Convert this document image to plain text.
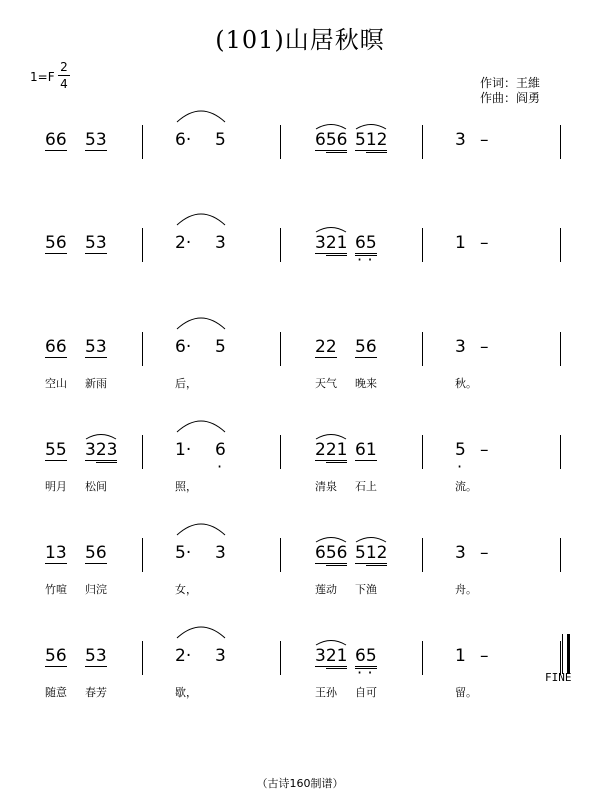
(101)山居秋暝
1=F
2
4	作词：王維
作曲：阎勇
66 53	6· 5	656 512	3 –
56 53	2· 3	321 65	1 –
· ·
66 53	6· 5	22 56	3 –
空山 新雨	后，	天气 晚来	秋。
55 323	1· 6	221 61	5 –
·	·
明月 松间	照，	清泉 石上	流。
13 56	5· 3	656 512	3 –
竹喧 归浣	女，	莲动 下渔	舟。
56 53	2· 3	321 65	1 –
· ·
随意 春芳	歇，	王孙 自可	留。
FINE
（古诗160制谱）
